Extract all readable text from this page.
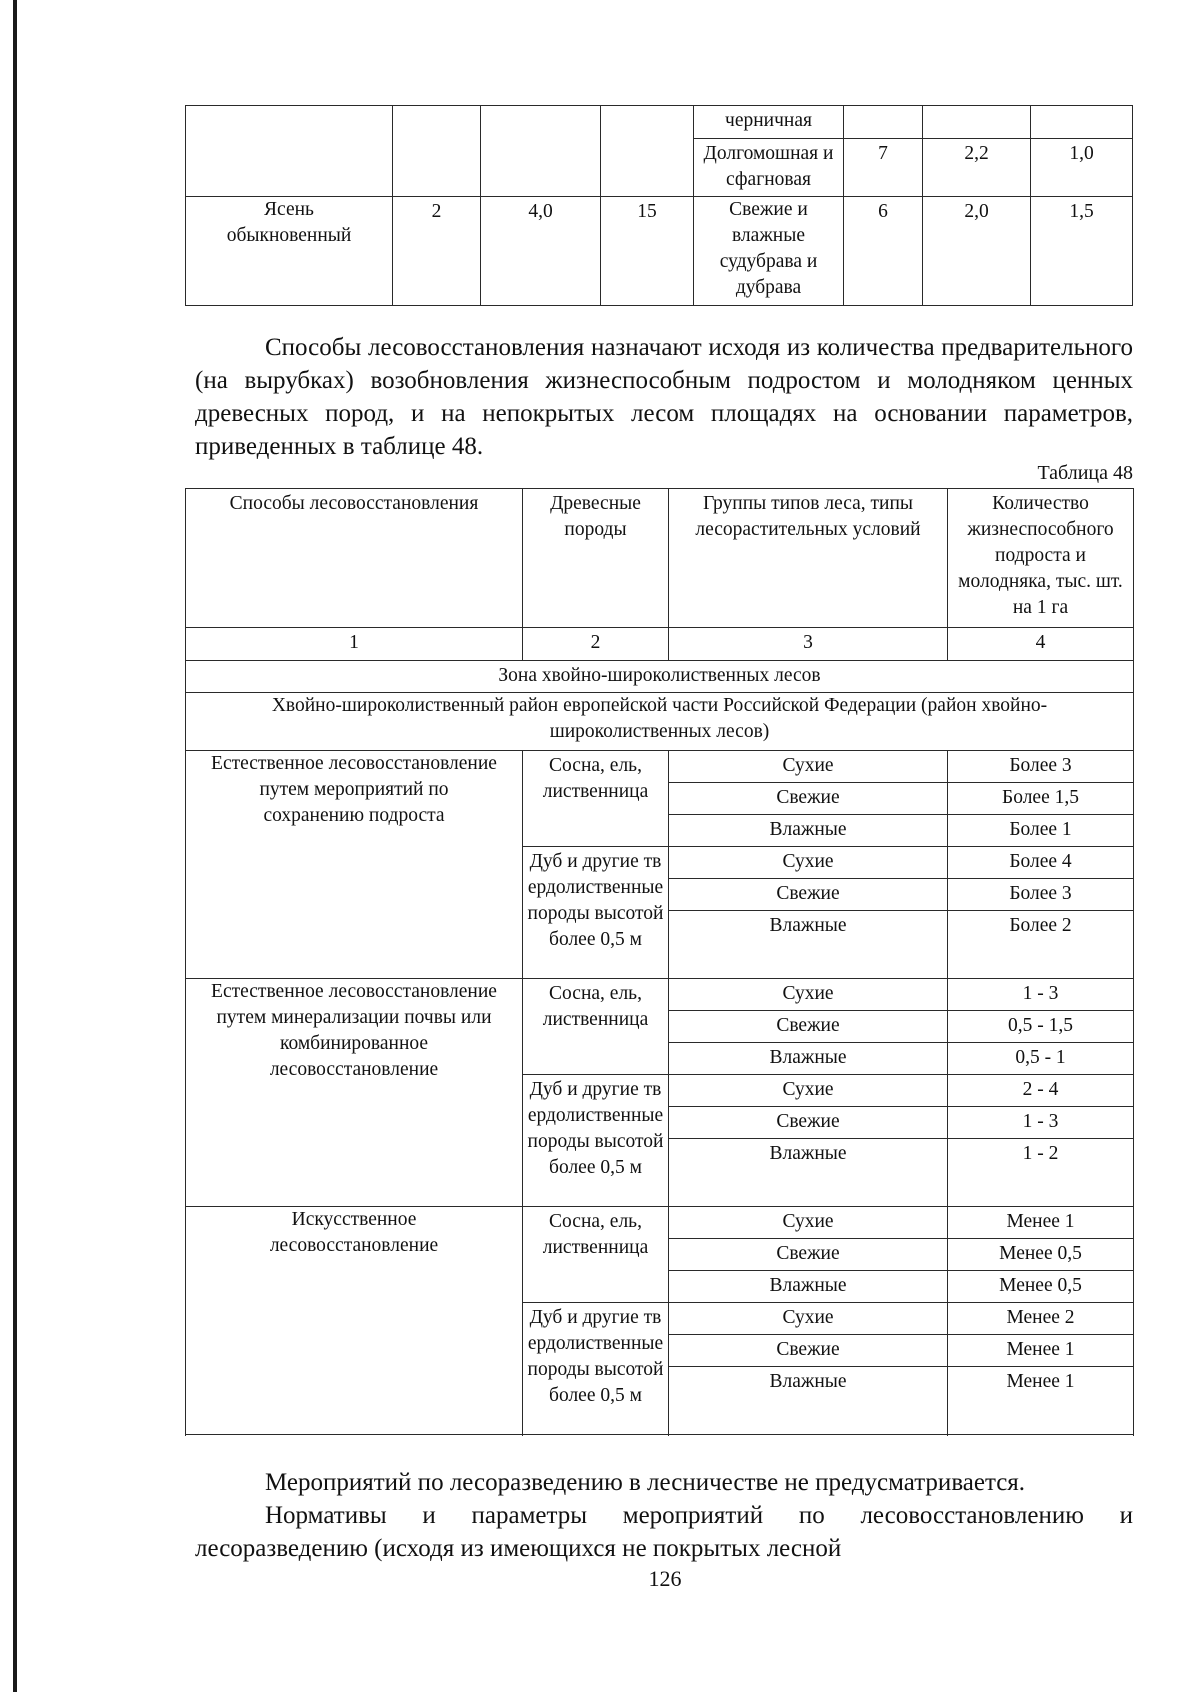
				черничная			
				Долгомошная и сфагновая	7	2,2	1,0
Ясень обыкновенный	2	4,0	15	Свежие и влажные судубрава и дубрава	6	2,0	1,5

Способы лесовосстановления назначают исходя из количества предварительного (на вырубках) возобновления жизнеспособным подростом и молодняком ценных древесных пород, и на непокрытых лесом площадях на основании параметров, приведенных в таблице 48.

Таблица 48

Способы лесовосстановления	Древесные породы	Группы типов леса, типы лесорастительных условий	Количество жизнеспособного подроста и молодняка, тыс. шт. на 1 га
1	2	3	4
Зона хвойно-широколиственных лесов			
Хвойно-широколиственный район европейской части Российской Федерации (район хвойно-широколиственных лесов)			
Естественное лесовосстановление путем мероприятий по сохранению подроста	Сосна, ель, лиственница	Сухие	Более 3
		Свежие	Более 1,5
		Влажные	Более 1
	Дуб и другие твердолиственные породы высотой более 0,5 м	Сухие	Более 4
		Свежие	Более 3
		Влажные	Более 2

Естественное лесовосстановление путем минерализации почвы или комбинированное лесовосстановление	Сосна, ель, лиственница	Сухие	1 - 3
		Свежие	0,5 - 1,5
		Влажные	0,5 - 1
	Дуб и другие твердолиственные породы высотой более 0,5 м	Сухие	2 - 4
		Свежие	1 - 3
		Влажные	1 - 2

Искусственное лесовосстановление	Сосна, ель, лиственница	Сухие	Менее 1
		Свежие	Менее 0,5
		Влажные	Менее 0,5
	Дуб и другие твердолиственные породы высотой более 0,5 м	Сухие	Менее 2
		Свежие	Менее 1
		Влажные	Менее 1

Мероприятий по лесоразведению в лесничестве не предусматривается.

Нормативы и параметры мероприятий по лесовосстановлению и лесоразведению (исходя из имеющихся не покрытых лесной

126
